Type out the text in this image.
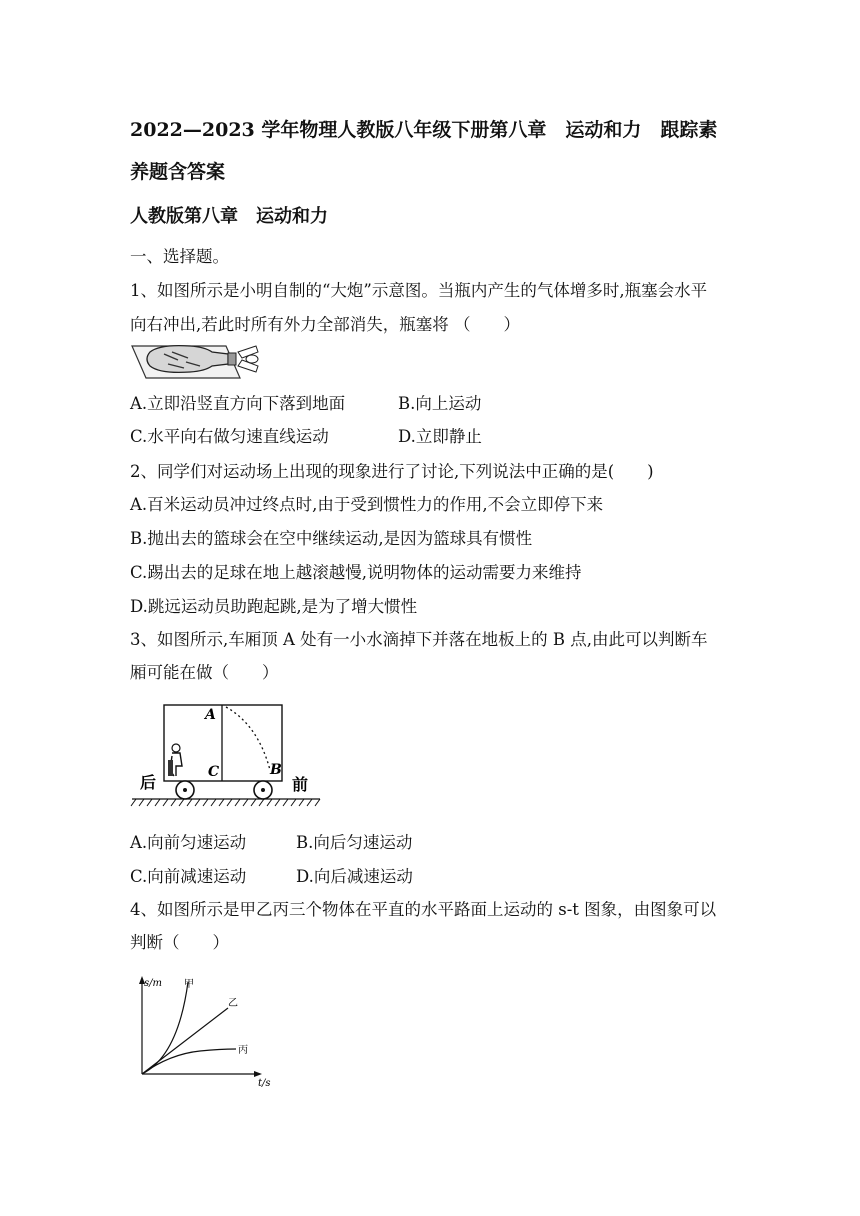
2022—2023 学年物理人教版八年级下册第八章　运动和力　跟踪素
养题含答案
人教版第八章　运动和力
一、选择题。
1、如图所示是小明自制的“大炮”示意图。当瓶内产生的气体增多时,瓶塞会水平
向右冲出,若此时所有外力全部消失，瓶塞将 （　　）
A.立即沿竖直方向下落到地面	B.向上运动
C.水平向右做匀速直线运动	D.立即静止
2、同学们对运动场上出现的现象进行了讨论,下列说法中正确的是(　　)
A.百米运动员冲过终点时,由于受到惯性力的作用,不会立即停下来
B.抛出去的篮球会在空中继续运动,是因为篮球具有惯性
C.踢出去的足球在地上越滚越慢,说明物体的运动需要力来维持
D.跳远运动员助跑起跳,是为了增大惯性
3、如图所示,车厢顶 A 处有一小水滴掉下并落在地板上的 B 点,由此可以判断车
厢可能在做（　　）
A
C	B
后	前
A.向前匀速运动	B.向后匀速运动
C.向前减速运动	D.向后减速运动
4、如图所示是甲乙丙三个物体在平直的水平路面上运动的 s-t 图象，由图象可以
判断（　　）
s/m
t/s
甲
乙
丙
